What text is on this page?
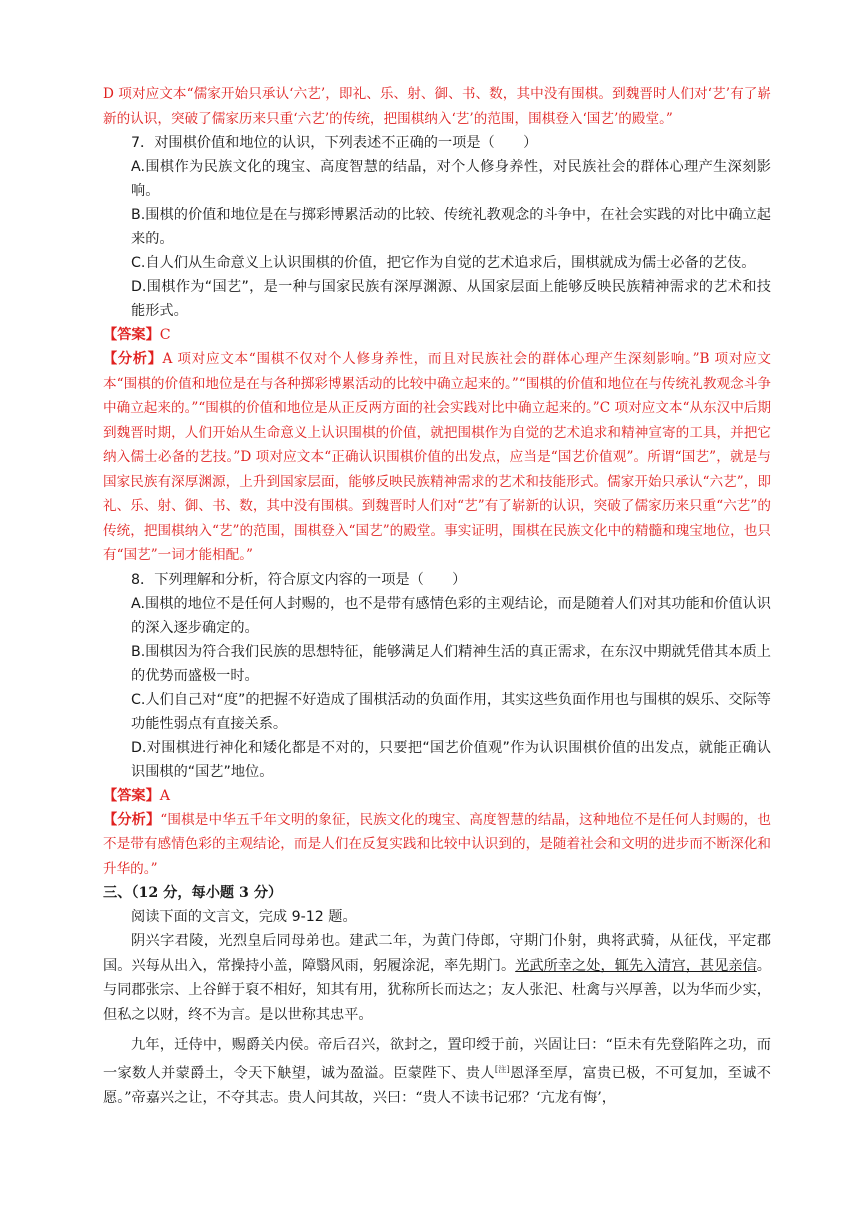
D 项对应文本“儒家开始只承认‘六艺’，即礼、乐、射、御、书、数，其中没有围棋。到魏晋时人们对‘艺’有了崭新的认识，突破了儒家历来只重‘六艺’的传统，把围棋纳入‘艺’的范围，围棋登入‘国艺’的殿堂。”

7．对围棋价值和地位的认识，下列表述不正确的一项是（　　）

A.围棋作为民族文化的瑰宝、高度智慧的结晶，对个人修身养性，对民族社会的群体心理产生深刻影响。

B.围棋的价值和地位是在与掷彩博累活动的比较、传统礼教观念的斗争中，在社会实践的对比中确立起来的。

C.自人们从生命意义上认识围棋的价值，把它作为自觉的艺术追求后，围棋就成为儒士必备的艺伎。

D.围棋作为“国艺”，是一种与国家民族有深厚渊源、从国家层面上能够反映民族精神需求的艺术和技能形式。

【答案】C

【分析】A 项对应文本“围棋不仅对个人修身养性，而且对民族社会的群体心理产生深刻影响。”B 项对应文本“围棋的价值和地位是在与各种掷彩博累活动的比较中确立起来的。”“围棋的价值和地位在与传统礼教观念斗争中确立起来的。”“围棋的价值和地位是从正反两方面的社会实践对比中确立起来的。”C 项对应文本“从东汉中后期到魏晋时期，人们开始从生命意义上认识围棋的价值，就把围棋作为自觉的艺术追求和精神宣寄的工具，并把它纳入儒士必备的艺技。”D 项对应文本“正确认识围棋价值的出发点，应当是“国艺价值观”。所谓“国艺”，就是与国家民族有深厚渊源，上升到国家层面，能够反映民族精神需求的艺术和技能形式。儒家开始只承认“六艺”，即礼、乐、射、御、书、数，其中没有围棋。到魏晋时人们对“艺”有了崭新的认识，突破了儒家历来只重“六艺”的传统，把围棋纳入“艺”的范围，围棋登入“国艺”的殿堂。事实证明，围棋在民族文化中的精髓和瑰宝地位，也只有“国艺”一词才能相配。”

8．下列理解和分析，符合原文内容的一项是（　　）

A.围棋的地位不是任何人封赐的，也不是带有感情色彩的主观结论，而是随着人们对其功能和价值认识的深入逐步确定的。

B.围棋因为符合我们民族的思想特征，能够满足人们精神生活的真正需求，在东汉中期就凭借其本质上的优势而盛极一时。

C.人们自己对“度”的把握不好造成了围棋活动的负面作用，其实这些负面作用也与围棋的娱乐、交际等功能性弱点有直接关系。

D.对围棋进行神化和矮化都是不对的，只要把“国艺价值观”作为认识围棋价值的出发点，就能正确认识围棋的“国艺”地位。

【答案】A

【分析】“围棋是中华五千年文明的象征，民族文化的瑰宝、高度智慧的结晶，这种地位不是任何人封赐的，也不是带有感情色彩的主观结论，而是人们在反复实践和比较中认识到的，是随着社会和文明的进步而不断深化和升华的。”

三、（12 分，每小题 3 分）

阅读下面的文言文，完成 9-12 题。

阴兴字君陵，光烈皇后同母弟也。建武二年，为黄门侍郎，守期门仆射，典将武骑，从征伐，平定郡国。兴每从出入，常操持小盖，障翳风雨，躬履涂泥，率先期门。光武所幸之处，辄先入清宫，甚见亲信。与同郡张宗、上谷鲜于裒不相好，知其有用，犹称所长而达之；友人张汜、杜禽与兴厚善，以为华而少实，但私之以财，终不为言。是以世称其忠平。

九年，迁侍中，赐爵关内侯。帝后召兴，欲封之，置印绶于前，兴固让曰：“臣未有先登陷阵之功，而一家数人并蒙爵土，令天下觖望，诚为盈溢。臣蒙陛下、贵人[注]恩泽至厚，富贵已极，不可复加，至诚不愿。”帝嘉兴之让，不夺其志。贵人问其故，兴曰：“贵人不读书记邪？‘亢龙有悔’，
